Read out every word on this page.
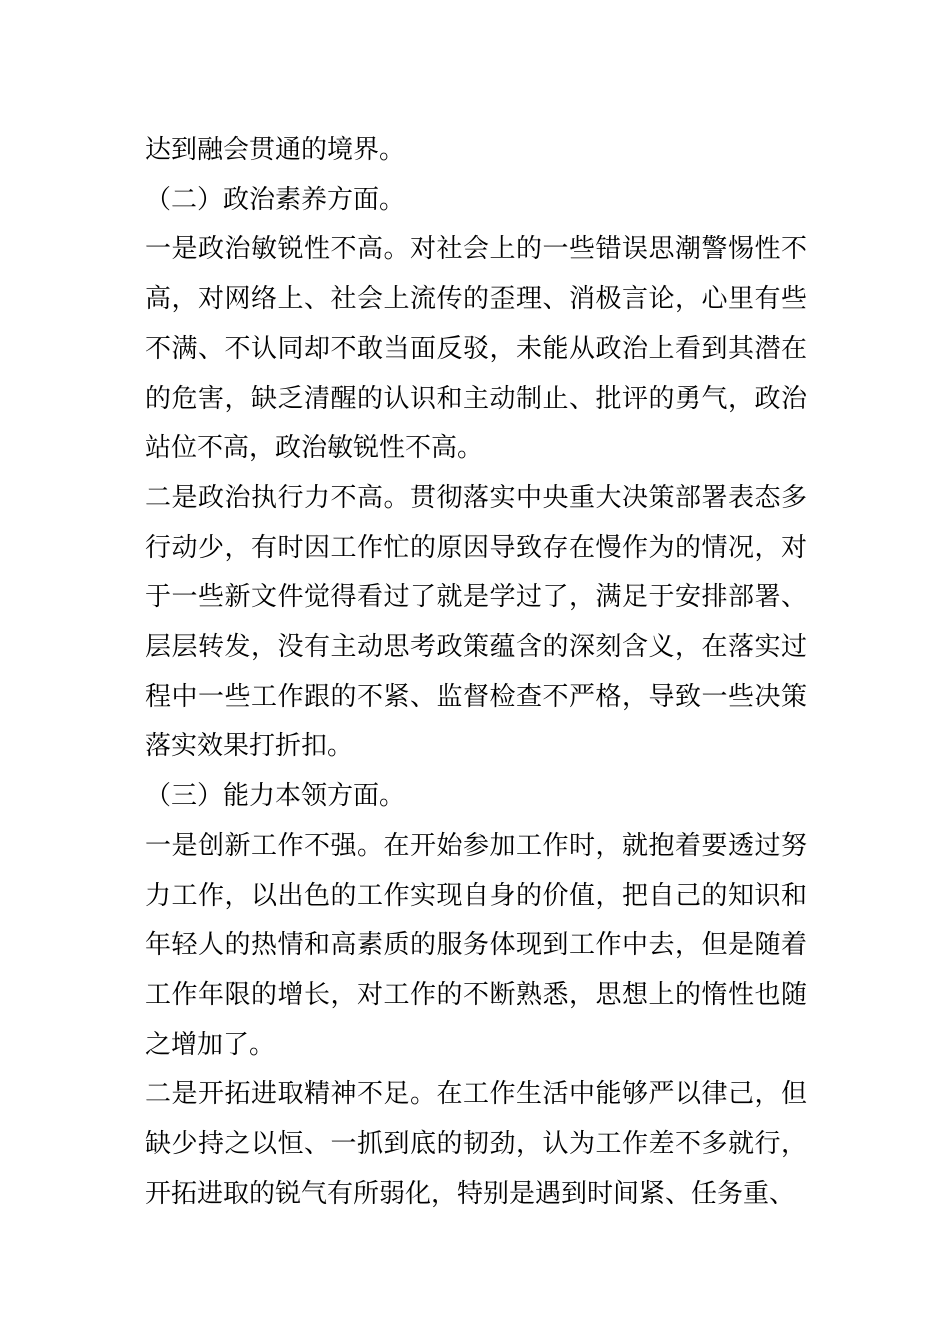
达到融会贯通的境界。

（二）政治素养方面。

一是政治敏锐性不高。对社会上的一些错误思潮警惕性不高，对网络上、社会上流传的歪理、消极言论，心里有些不满、不认同却不敢当面反驳，未能从政治上看到其潜在的危害，缺乏清醒的认识和主动制止、批评的勇气，政治站位不高，政治敏锐性不高。

二是政治执行力不高。贯彻落实中央重大决策部署表态多行动少，有时因工作忙的原因导致存在慢作为的情况，对于一些新文件觉得看过了就是学过了，满足于安排部署、层层转发，没有主动思考政策蕴含的深刻含义，在落实过程中一些工作跟的不紧、监督检查不严格，导致一些决策落实效果打折扣。

（三）能力本领方面。

一是创新工作不强。在开始参加工作时，就抱着要透过努力工作，以出色的工作实现自身的价值，把自己的知识和年轻人的热情和高素质的服务体现到工作中去，但是随着工作年限的增长，对工作的不断熟悉，思想上的惰性也随之增加了。

二是开拓进取精神不足。在工作生活中能够严以律己，但缺少持之以恒、一抓到底的韧劲，认为工作差不多就行，开拓进取的锐气有所弱化，特别是遇到时间紧、任务重、
